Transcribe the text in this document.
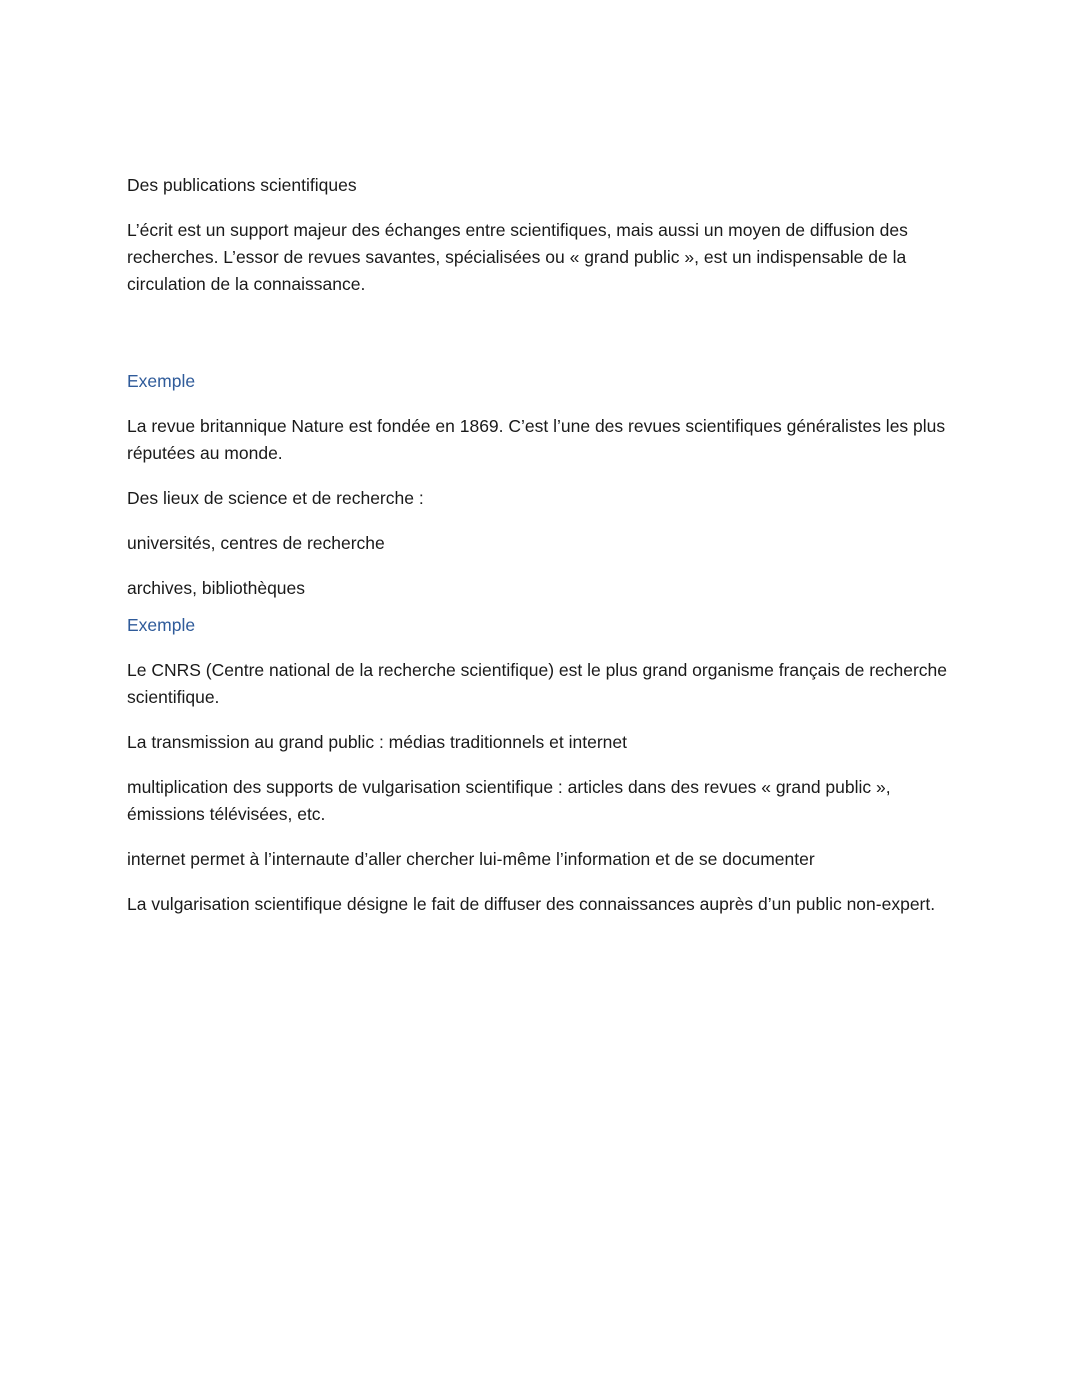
Des publications scientifiques

L’écrit est un support majeur des échanges entre scientifiques, mais aussi un moyen de diffusion des recherches. L’essor de revues savantes, spécialisées ou « grand public », est un indispensable de la circulation de la connaissance.

Exemple

La revue britannique Nature est fondée en 1869. C’est l’une des revues scientifiques généralistes les plus réputées au monde.

Des lieux de science et de recherche :

universités, centres de recherche

archives, bibliothèques

Exemple

Le CNRS (Centre national de la recherche scientifique) est le plus grand organisme français de recherche scientifique.

La transmission au grand public : médias traditionnels et internet

multiplication des supports de vulgarisation scientifique : articles dans des revues « grand public », émissions télévisées, etc.

internet permet à l’internaute d’aller chercher lui-même l’information et de se documenter

La vulgarisation scientifique désigne le fait de diffuser des connaissances auprès d’un public non-expert.
